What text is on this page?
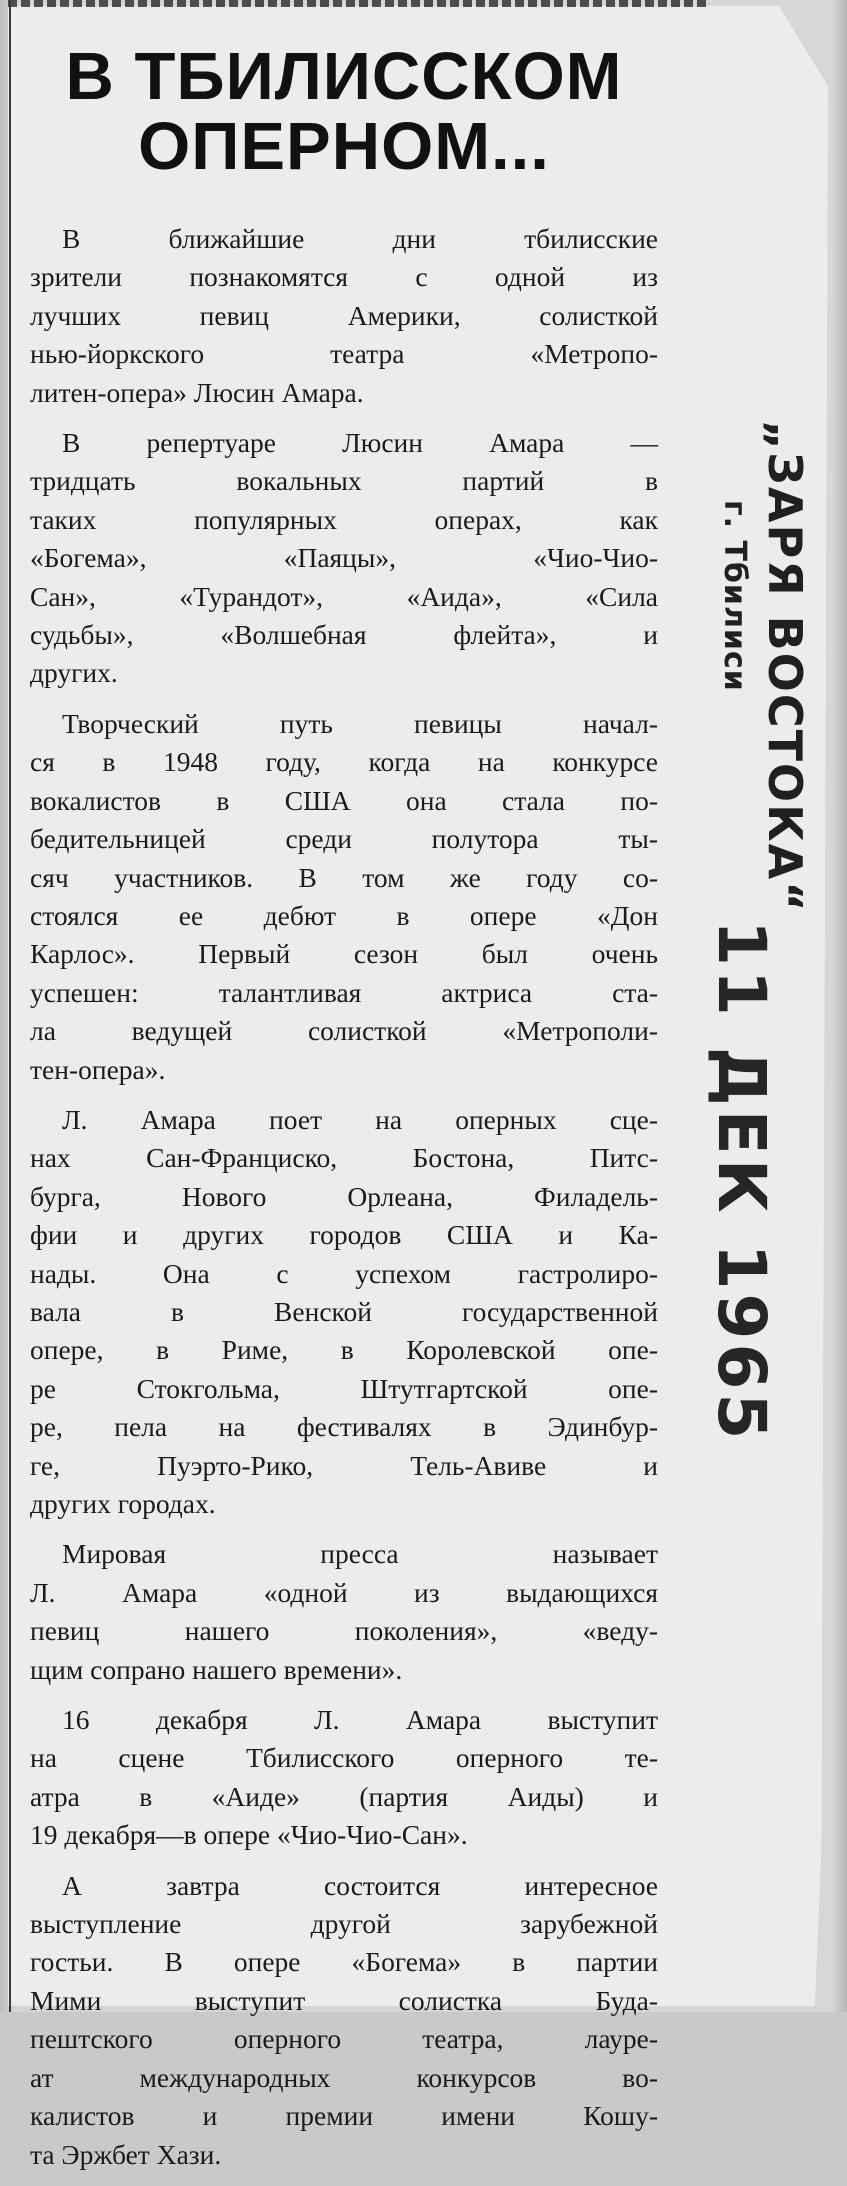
В ТБИЛИССКОМ
ОПЕРНОМ...

В ближайшие дни тбилисские
зрители познакомятся с одной из
лучших певиц Америки, солисткой
нью-йоркского театра «Метропо-
литен-опера» Люсин Амара.

В репертуаре Люсин Амара —
тридцать вокальных партий в
таких популярных операх, как
«Богема», «Паяцы», «Чио-Чио-
Сан», «Турандот», «Аида», «Сила
судьбы», «Волшебная флейта», и
других.

Творческий путь певицы начал-
ся в 1948 году, когда на конкурсе
вокалистов в США она стала по-
бедительницей среди полутора ты-
сяч участников. В том же году со-
стоялся ее дебют в опере «Дон
Карлос». Первый сезон был очень
успешен: талантливая актриса ста-
ла ведущей солисткой «Метрополи-
тен-опера».

Л. Амара поет на оперных сце-
нах Сан-Франциско, Бостона, Питс-
бурга, Нового Орлеана, Филадель-
фии и других городов США и Ка-
нады. Она с успехом гастролиро-
вала в Венской государственной
опере, в Риме, в Королевской опе-
ре Стокгольма, Штутгартской опе-
ре, пела на фестивалях в Эдинбур-
ге, Пуэрто-Рико, Тель-Авиве и
других городах.

Мировая пресса называет
Л. Амара «одной из выдающихся
певиц нашего поколения», «веду-
щим сопрано нашего времени».

16 декабря Л. Амара выступит
на сцене Тбилисского оперного те-
атра в «Аиде» (партия Аиды) и
19 декабря—в опере «Чио-Чио-Сан».

А завтра состоится интересное
выступление другой зарубежной
гостьи. В опере «Богема» в партии
Мими выступит солистка Буда-
пештского оперного театра, лауре-
ат международных конкурсов во-
калистов и премии имени Кошу-
та Эржбет Хази.

„ЗАРЯ ВОСТОКА“
г. Тбилиси
11 ДЕК 1965
